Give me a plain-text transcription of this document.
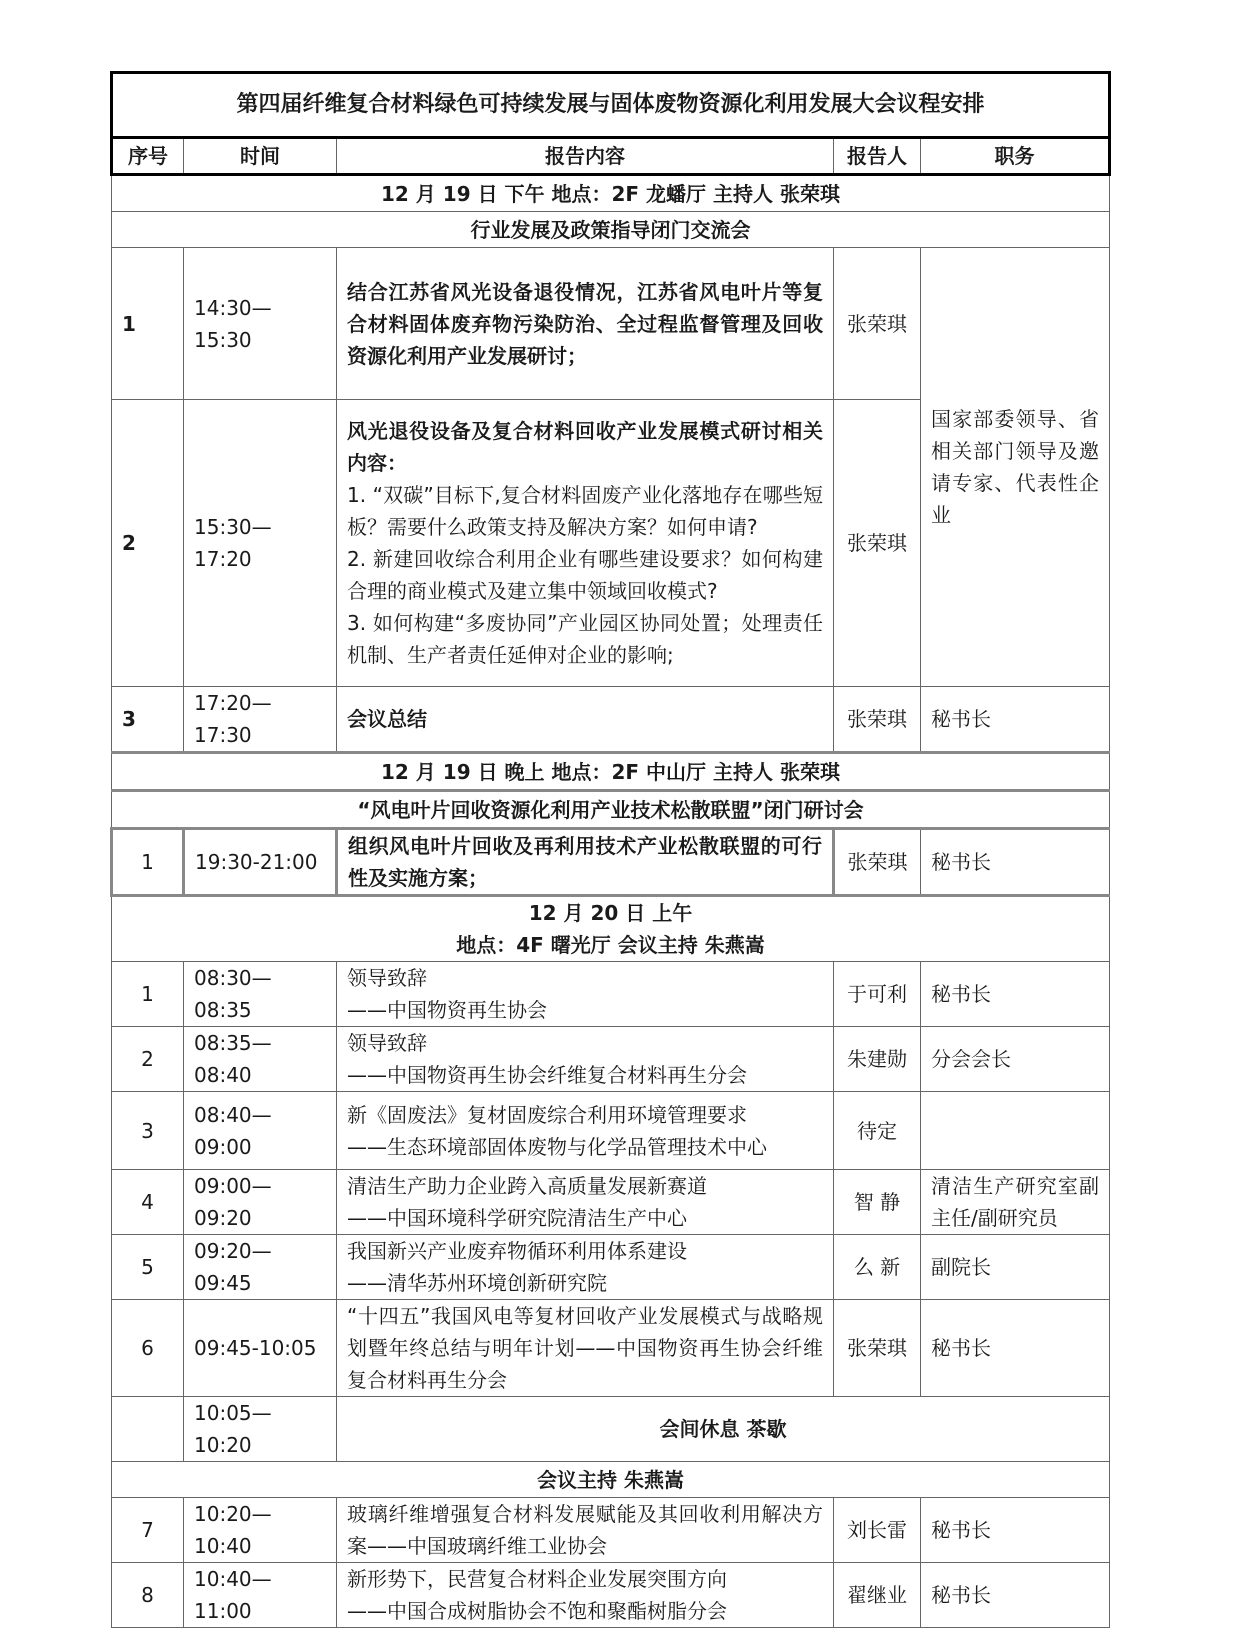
第四届纤维复合材料绿色可持续发展与固体废物资源化利用发展大会议程安排				
序号	时间	报告内容	报告人	职务
12 月 19 日 下午 地点：2F 龙蟠厅 主持人 张荣琪				
行业发展及政策指导闭门交流会				
1	14:30—15:30	结合江苏省风光设备退役情况，江苏省风电叶片等复合材料固体废弃物污染防治、全过程监督管理及回收资源化利用产业发展研讨；	张荣琪	国家部委领导、省相关部门领导及邀请专家、代表性企业
2	15:30—17:20	风光退役设备及复合材料回收产业发展模式研讨相关内容：
1. “双碳”目标下,复合材料固废产业化落地存在哪些短板？需要什么政策支持及解决方案？如何申请?
2. 新建回收综合利用企业有哪些建设要求？如何构建合理的商业模式及建立集中领域回收模式?
3. 如何构建“多废协同”产业园区协同处置；处理责任机制、生产者责任延伸对企业的影响;	张荣琪	
3	17:20—17:30	会议总结	张荣琪	秘书长
12 月 19 日 晚上 地点：2F 中山厅 主持人 张荣琪				
“风电叶片回收资源化利用产业技术松散联盟”闭门研讨会				
1	19:30-21:00	组织风电叶片回收及再利用技术产业松散联盟的可行性及实施方案；	张荣琪	秘书长

12 月 20 日 上午
地点：4F 曙光厅 会议主持 朱燕嵩				

1	08:30—08:35	领导致辞
——中国物资再生协会	于可利	秘书长
2	08:35—08:40	领导致辞
——中国物资再生协会纤维复合材料再生分会	朱建勋	分会会长
3	08:40—09:00	新《固废法》复材固废综合利用环境管理要求
——生态环境部固体废物与化学品管理技术中心	待定	
4	09:00—09:20	清洁生产助力企业跨入高质量发展新赛道
——中国环境科学研究院清洁生产中心	智 静	清洁生产研究室副主任/副研究员
5	09:20—09:45	我国新兴产业废弃物循环利用体系建设
——清华苏州环境创新研究院	么 新	副院长
6	09:45-10:05	“十四五”我国风电等复材回收产业发展模式与战略规划暨年终总结与明年计划——中国物资再生协会纤维复合材料再生分会	张荣琪	秘书长
	10:05—10:20	会间休息 茶歇		
会议主持 朱燕嵩				
7	10:20—10:40	玻璃纤维增强复合材料发展赋能及其回收利用解决方案——中国玻璃纤维工业协会	刘长雷	秘书长
8	10:40—11:00	新形势下，民营复合材料企业发展突围方向
——中国合成树脂协会不饱和聚酯树脂分会	翟继业	秘书长
